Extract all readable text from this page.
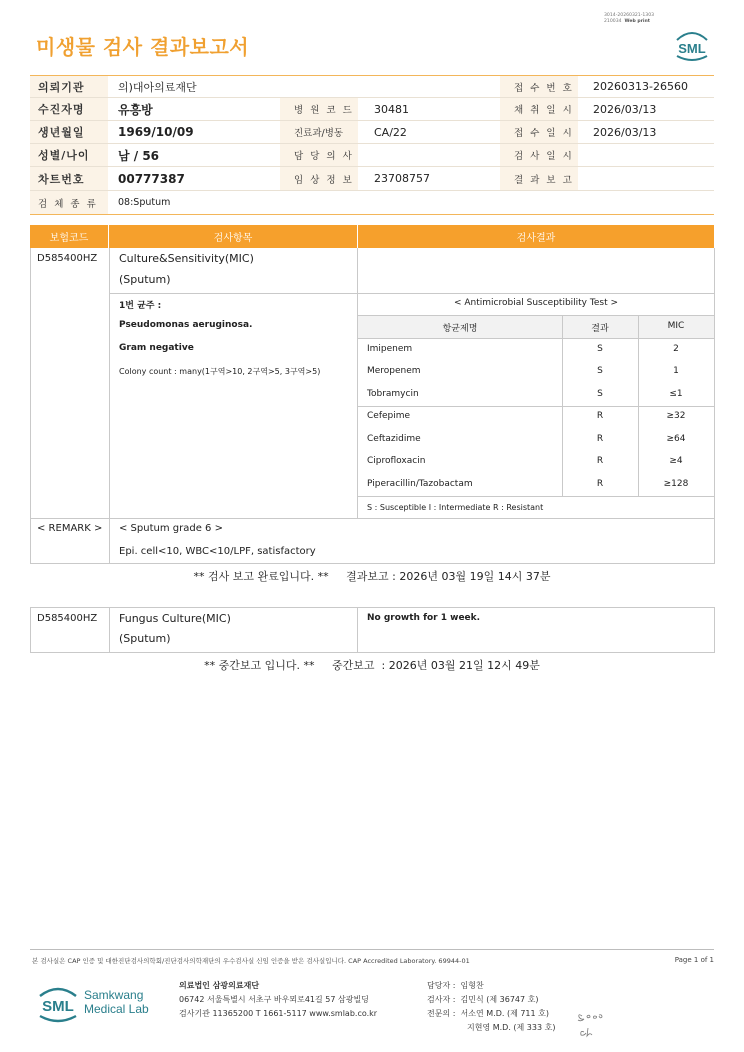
미생물 검사 결과보고서
3014-20260321-1303
210034 Web print
SML
의뢰기관	의)대아의료재단	접 수 번 호	20260313-26560
수진자명	유흥방	병 원 코 드	30481	채 취 일 시	2026/03/13
생년월일	1969/10/09	진료과/병동	CA/22	접 수 일 시	2026/03/13
성별/나이	남 / 56	담 당 의 사	검 사 일 시
차트번호	00777387	임 상 정 보	23708757	결 과 보 고
검 체 종 류	08:Sputum
보험코드	검사항목	검사결과
D585400HZ Culture&Sensitivity(MIC)
(Sputum)
1번 균주 :
Pseudomonas aeruginosa.
Gram negative
Colony count : many(1구역>10, 2구역>5, 3구역>5)
< Antimicrobial Susceptibility Test >
항균제명	결과	MIC
Imipenem	S	2
Meropenem	S	1
Tobramycin	S	≤1
Cefepime	R	≥32
Ceftazidime	R	≥64
Ciprofloxacin	R	≥4
Piperacillin/Tazobactam	R	≥128
S : Susceptible I : Intermediate R : Resistant
< REMARK > < Sputum grade 6 >
Epi. cell<10, WBC<10/LPF, satisfactory
** 검사 보고 완료입니다. **     결과보고 : 2026년 03월 19일 14시 37분
D585400HZ Fungus Culture(MIC)
(Sputum)
No growth for 1 week.
** 중간보고 입니다. **     중간보고  : 2026년 03월 21일 12시 49분
본 검사실은 CAP 인증 및 대한진단검사의학회/진단검사의학재단의 우수검사실 신임 인증을 받은 검사실입니다. CAP Accredited Laboratory. 69944-01	Page 1 of 1
SML
Samkwang
Medical Lab
의료법인 삼광의료재단
06742 서울특별시 서초구 바우뫼로41길 57 삼광빌딩
검사기관 11365200 T 1661-5117 www.smlab.co.kr
담당자 : 임형찬
검사자 : 김민식 (제 36747 호)
전문의 : 서소연 M.D. (제 711 호)
지현영 M.D. (제 333 호)
